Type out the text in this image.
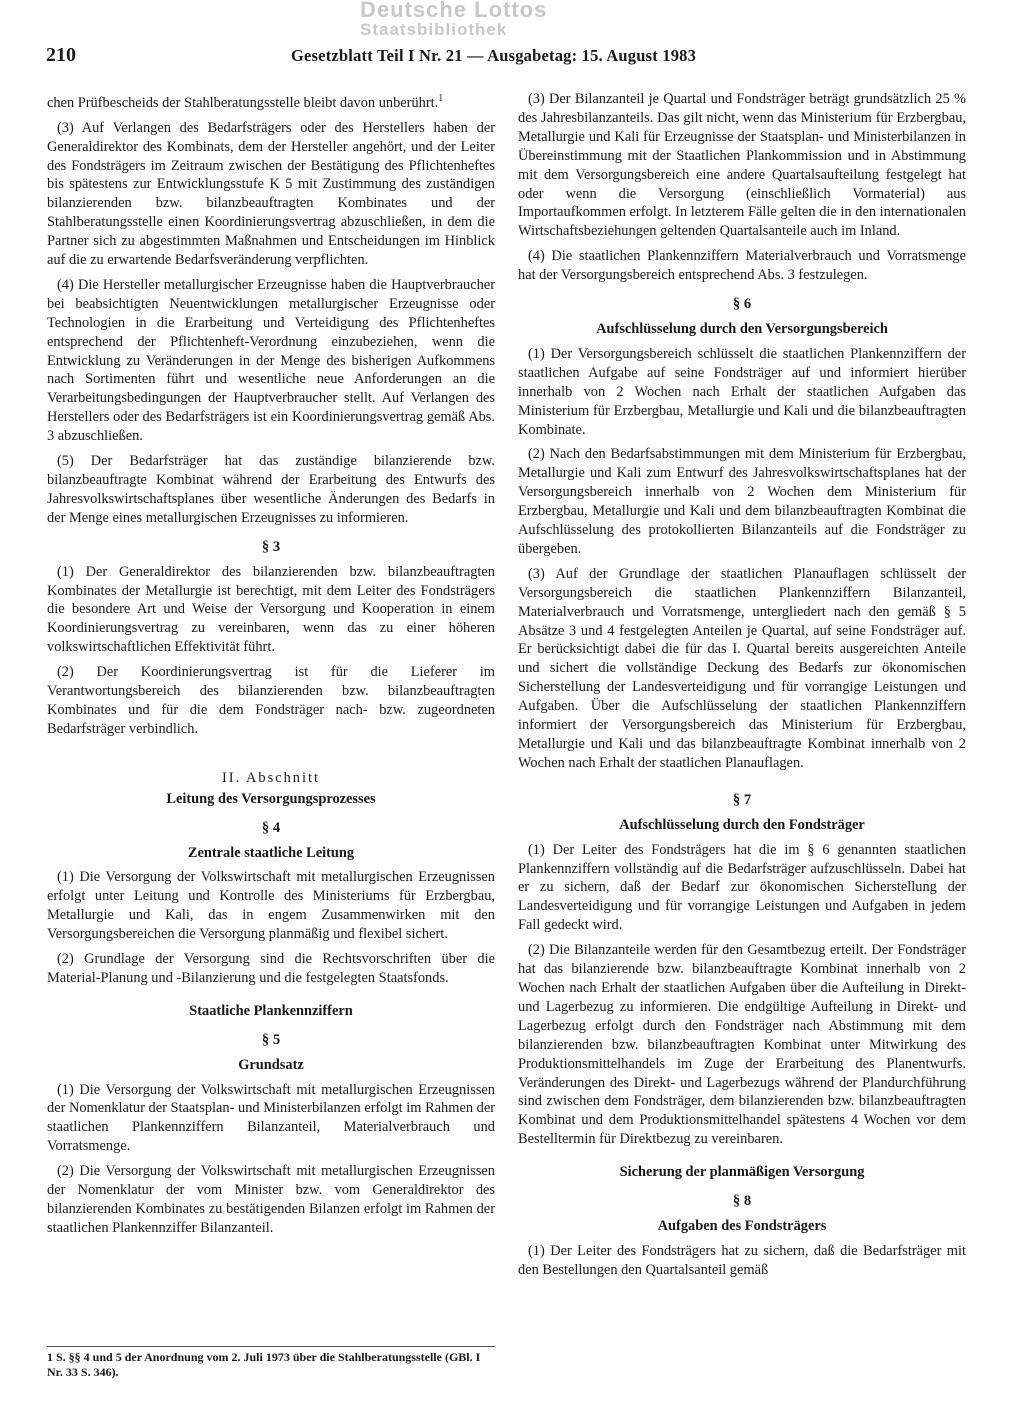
Deutsche Lottos
Staatsbibliothek
210	Gesetzblatt Teil I Nr. 21 — Ausgabetag: 15. August 1983

chen Prüfbescheids der Stahlberatungsstelle bleibt davon unberührt.$^1$

(3) Auf Verlangen des Bedarfsträgers oder des Herstellers haben der Generaldirektor des Kombinats, dem der Hersteller angehört, und der Leiter des Fondsträgers im Zeitraum zwischen der Bestätigung des Pflichtenheftes bis spätestens zur Entwicklungsstufe K 5 mit Zustimmung des zuständigen bilanzierenden bzw. bilanzbeauftragten Kombinates und der Stahlberatungsstelle einen Koordinierungsvertrag abzuschließen, in dem die Partner sich zu abgestimmten Maßnahmen und Entscheidungen im Hinblick auf die zu erwartende Bedarfsveränderung verpflichten.

(4) Die Hersteller metallurgischer Erzeugnisse haben die Hauptverbraucher bei beabsichtigten Neuentwicklungen metallurgischer Erzeugnisse oder Technologien in die Erarbeitung und Verteidigung des Pflichtenheftes entsprechend der Pflichtenheft-Verordnung einzubeziehen, wenn die Entwicklung zu Veränderungen in der Menge des bisherigen Aufkommens nach Sortimenten führt und wesentliche neue Anforderungen an die Verarbeitungsbedingungen der Hauptverbraucher stellt. Auf Verlangen des Herstellers oder des Bedarfsträgers ist ein Koordinierungsvertrag gemäß Abs. 3 abzuschließen.

(5) Der Bedarfsträger hat das zuständige bilanzierende bzw. bilanzbeauftragte Kombinat während der Erarbeitung des Entwurfs des Jahresvolkswirtschaftsplanes über wesentliche Änderungen des Bedarfs in der Menge eines metallurgischen Erzeugnisses zu informieren.

§ 3

(1) Der Generaldirektor des bilanzierenden bzw. bilanzbeauftragten Kombinates der Metallurgie ist berechtigt, mit dem Leiter des Fondsträgers die besondere Art und Weise der Versorgung und Kooperation in einem Koordinierungsvertrag zu vereinbaren, wenn das zu einer höheren volkswirtschaftlichen Effektivität führt.

(2) Der Koordinierungsvertrag ist für die Lieferer im Verantwortungsbereich des bilanzierenden bzw. bilanzbeauftragten Kombinates und für die dem Fondsträger nach- bzw. zugeordneten Bedarfsträger verbindlich.

II. Abschnitt
Leitung des Versorgungsprozesses
§ 4
Zentrale staatliche Leitung

(1) Die Versorgung der Volkswirtschaft mit metallurgischen Erzeugnissen erfolgt unter Leitung und Kontrolle des Ministeriums für Erzbergbau, Metallurgie und Kali, das in engem Zusammenwirken mit den Versorgungsbereichen die Versorgung planmäßig und flexibel sichert.

(2) Grundlage der Versorgung sind die Rechtsvorschriften über die Material-Planung und -Bilanzierung und die festgelegten Staatsfonds.

Staatliche Plankennziffern
§ 5
Grundsatz

(1) Die Versorgung der Volkswirtschaft mit metallurgischen Erzeugnissen der Nomenklatur der Staatsplan- und Ministerbilanzen erfolgt im Rahmen der staatlichen Plankennziffern Bilanzanteil, Materialverbrauch und Vorratsmenge.

(2) Die Versorgung der Volkswirtschaft mit metallurgischen Erzeugnissen der Nomenklatur der vom Minister bzw. vom Generaldirektor des bilanzierenden Kombinates zu bestätigenden Bilanzen erfolgt im Rahmen der staatlichen Plankennziffer Bilanzanteil.

1 S. §§ 4 und 5 der Anordnung vom 2. Juli 1973 über die Stahlberatungsstelle (GBl. I Nr. 33 S. 346).

(3) Der Bilanzanteil je Quartal und Fondsträger beträgt grundsätzlich 25 % des Jahresbilanzanteils. Das gilt nicht, wenn das Ministerium für Erzbergbau, Metallurgie und Kali für Erzeugnisse der Staatsplan- und Ministerbilanzen in Übereinstimmung mit der Staatlichen Plankommission und in Abstimmung mit dem Versorgungsbereich eine andere Quartalsaufteilung festgelegt hat oder wenn die Versorgung (einschließlich Vormaterial) aus Importaufkommen erfolgt. In letzterem Fälle gelten die in den internationalen Wirtschaftsbeziehungen geltenden Quartalsanteile auch im Inland.

(4) Die staatlichen Plankennziffern Materialverbrauch und Vorratsmenge hat der Versorgungsbereich entsprechend Abs. 3 festzulegen.

§ 6
Aufschlüsselung durch den Versorgungsbereich

(1) Der Versorgungsbereich schlüsselt die staatlichen Plankennziffern der staatlichen Aufgabe auf seine Fondsträger auf und informiert hierüber innerhalb von 2 Wochen nach Erhalt der staatlichen Aufgaben das Ministerium für Erzbergbau, Metallurgie und Kali und die bilanzbeauftragten Kombinate.

(2) Nach den Bedarfsabstimmungen mit dem Ministerium für Erzbergbau, Metallurgie und Kali zum Entwurf des Jahresvolkswirtschaftsplanes hat der Versorgungsbereich innerhalb von 2 Wochen dem Ministerium für Erzbergbau, Metallurgie und Kali und dem bilanzbeauftragten Kombinat die Aufschlüsselung des protokollierten Bilanzanteils auf die Fondsträger zu übergeben.

(3) Auf der Grundlage der staatlichen Planauflagen schlüsselt der Versorgungsbereich die staatlichen Plankennziffern Bilanzanteil, Materialverbrauch und Vorratsmenge, untergliedert nach den gemäß § 5 Absätze 3 und 4 festgelegten Anteilen je Quartal, auf seine Fondsträger auf. Er berücksichtigt dabei die für das I. Quartal bereits ausgereichten Anteile und sichert die vollständige Deckung des Bedarfs zur ökonomischen Sicherstellung der Landesverteidigung und für vorrangige Leistungen und Aufgaben. Über die Aufschlüsselung der staatlichen Plankennziffern informiert der Versorgungsbereich das Ministerium für Erzbergbau, Metallurgie und Kali und das bilanzbeauftragte Kombinat innerhalb von 2 Wochen nach Erhalt der staatlichen Planauflagen.

§ 7
Aufschlüsselung durch den Fondsträger

(1) Der Leiter des Fondsträgers hat die im § 6 genannten staatlichen Plankennziffern vollständig auf die Bedarfsträger aufzuschlüsseln. Dabei hat er zu sichern, daß der Bedarf zur ökonomischen Sicherstellung der Landesverteidigung und für vorrangige Leistungen und Aufgaben in jedem Fall gedeckt wird.

(2) Die Bilanzanteile werden für den Gesamtbezug erteilt. Der Fondsträger hat das bilanzierende bzw. bilanzbeauftragte Kombinat innerhalb von 2 Wochen nach Erhalt der staatlichen Aufgaben über die Aufteilung in Direkt- und Lagerbezug zu informieren. Die endgültige Aufteilung in Direkt- und Lagerbezug erfolgt durch den Fondsträger nach Abstimmung mit dem bilanzierenden bzw. bilanzbeauftragten Kombinat unter Mitwirkung des Produktionsmittelhandels im Zuge der Erarbeitung des Planentwurfs. Veränderungen des Direkt- und Lagerbezugs während der Plandurchführung sind zwischen dem Fondsträger, dem bilanzierenden bzw. bilanzbeauftragten Kombinat und dem Produktionsmittelhandel spätestens 4 Wochen vor dem Bestelltermin für Direktbezug zu vereinbaren.

Sicherung der planmäßigen Versorgung
§ 8
Aufgaben des Fondsträgers

(1) Der Leiter des Fondsträgers hat zu sichern, daß die Bedarfsträger mit den Bestellungen den Quartalsanteil gemäß
